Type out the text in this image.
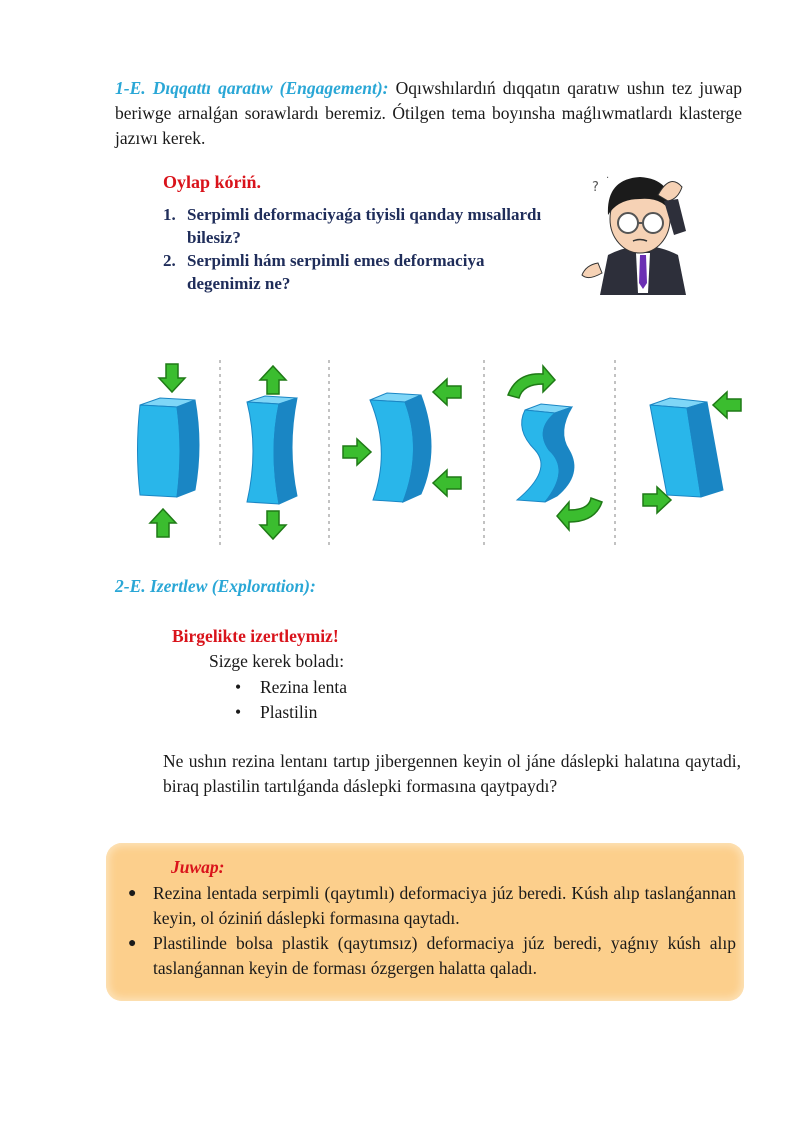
1-E. Dıqqattı qaratıw (Engagement): Oqıwshılardıń dıqqatın qaratıw ushın tez juwap beriwge arnalǵan sorawlardı beremiz. Ótilgen tema boyınsha maǵlıwmatlardı klasterge jazıwı kerek.
Oylap kóriń.
1. Serpimli deformaciyaǵa tiyisli qanday mısallardı bilesiz?
2. Serpimli hám serpimli emes deformaciya degenimiz ne?
?
·
2-E. Izertlew (Exploration):
Birgelikte izertleymiz!
Sizge kerek boladı:
• Rezina lenta
• Plastilin
Ne ushın rezina lentanı tartıp jibergennen keyin ol jáne dáslepki halatına qaytadi, biraq plastilin tartılǵanda dáslepki formasına qaytpaydı?
Juwap:
● Rezina lentada serpimli (qaytımlı) deformaciya júz beredi. Kúsh alıp taslanǵannan keyin, ol óziniń dáslepki formasına qaytadı.
● Plastilinde bolsa plastik (qaytımsız) deformaciya júz beredi, yaǵnıy kúsh alıp taslanǵannan keyin de forması ózgergen halatta qaladı.
